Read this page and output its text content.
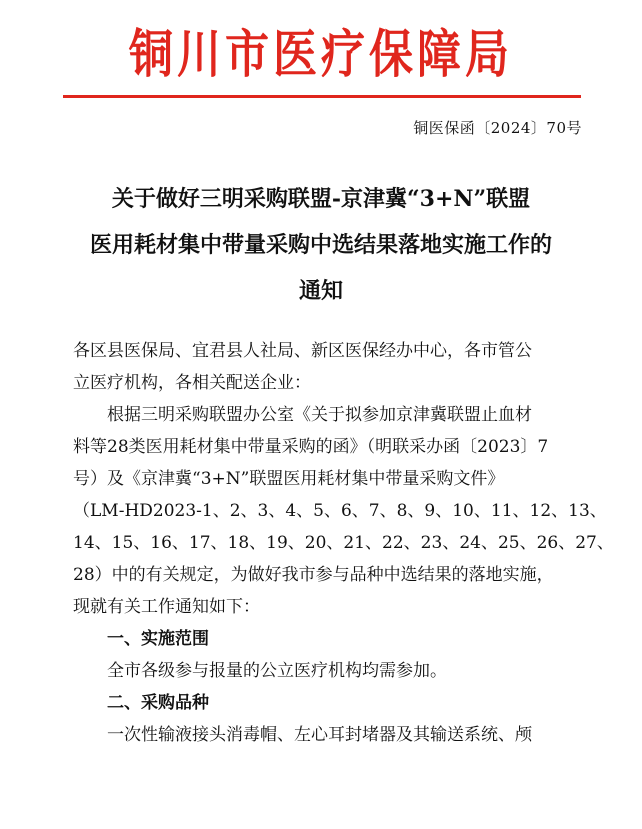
铜川市医疗保障局
铜医保函〔2024〕70号
关于做好三明采购联盟-京津冀“3+N”联盟
医用耗材集中带量采购中选结果落地实施工作的
通知
各区县医保局、宜君县人社局、新区医保经办中心，各市管公
立医疗机构，各相关配送企业：
根据三明采购联盟办公室《关于拟参加京津冀联盟止血材
料等28类医用耗材集中带量采购的函》（明联采办函〔2023〕7
号）及《京津冀“3+N”联盟医用耗材集中带量采购文件》
（LM-HD2023-1、2、3、4、5、6、7、8、9、10、11、12、13、
14、15、16、17、18、19、20、21、22、23、24、25、26、27、
28）中的有关规定，为做好我市参与品种中选结果的落地实施，
现就有关工作通知如下：
一、实施范围
全市各级参与报量的公立医疗机构均需参加。
二、采购品种
一次性输液接头消毒帽、左心耳封堵器及其输送系统、颅
